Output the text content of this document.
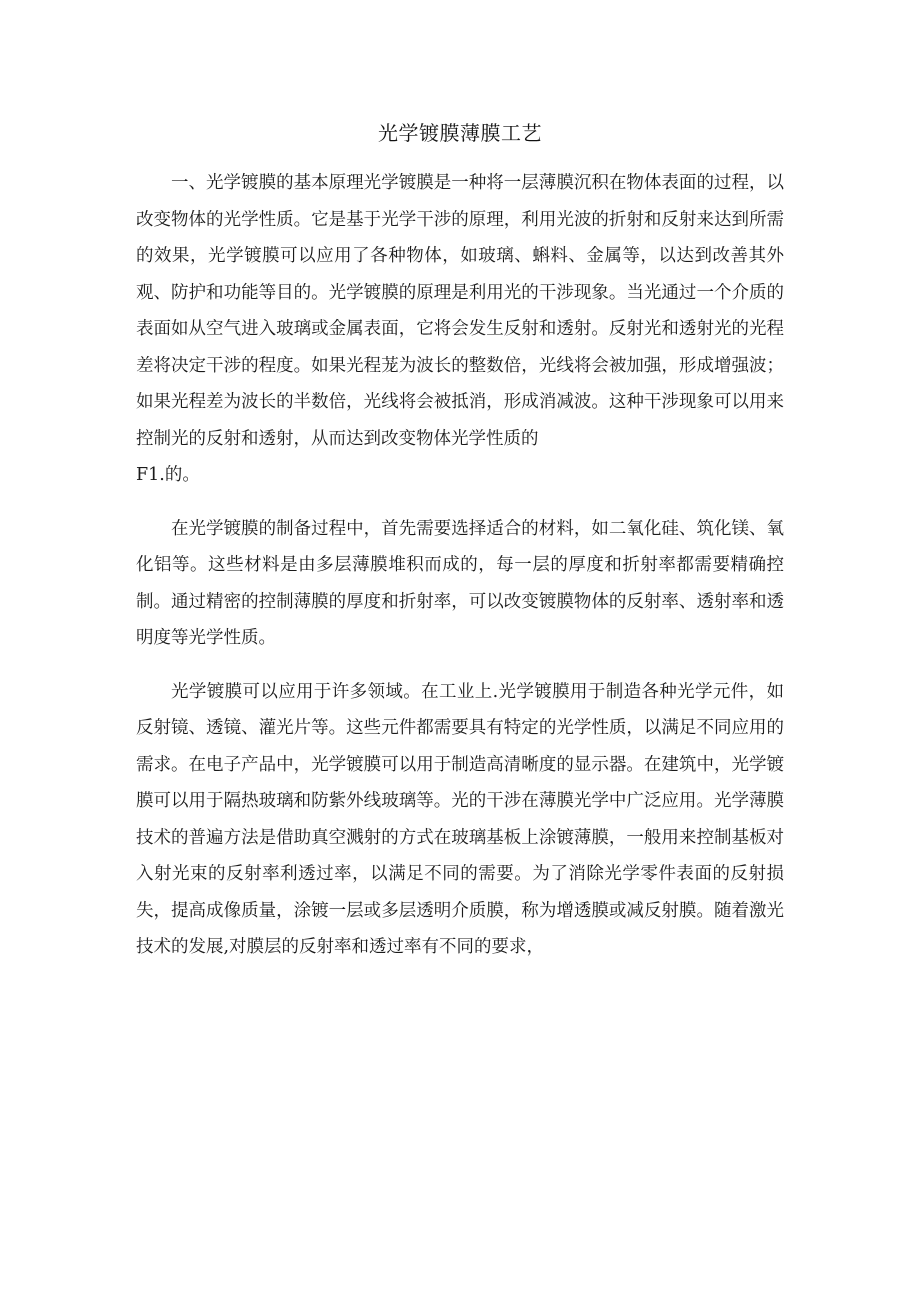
光学镀膜薄膜工艺

一、光学镀膜的基本原理光学镀膜是一种将一层薄膜沉积在物体表面的过程，以改变物体的光学性质。它是基于光学干涉的原理，利用光波的折射和反射来达到所需的效果，光学镀膜可以应用了各种物体，如玻璃、蝌料、金属等，以达到改善其外观、防护和功能等目的。光学镀膜的原理是利用光的干涉现象。当光通过一个介质的表面如从空气进入玻璃或金属表面，它将会发生反射和透射。反射光和透射光的光程差将决定干涉的程度。如果光程茏为波长的整数倍，光线将会被加强，形成增强波；如果光程差为波长的半数倍，光线将会被抵消，形成消减波。这种干涉现象可以用来控制光的反射和透射，从而达到改变物体光学性质的
F1.的。

在光学镀膜的制备过程中，首先需要选择适合的材料，如二氧化硅、筑化镁、氧化铝等。这些材料是由多层薄膜堆积而成的，每一层的厚度和折射率都需要精确控制。通过精密的控制薄膜的厚度和折射率，可以改变镀膜物体的反射率、透射率和透明度等光学性质。

光学镀膜可以应用于许多领域。在工业上.光学镀膜用于制造各种光学元件，如反射镜、透镜、灌光片等。这些元件都需要具有特定的光学性质，以满足不同应用的需求。在电子产品中，光学镀膜可以用于制造高清晰度的显示器。在建筑中，光学镀膜可以用于隔热玻璃和防紫外线玻璃等。光的干涉在薄膜光学中广泛应用。光学薄膜技术的普遍方法是借助真空溅射的方式在玻璃基板上涂镀薄膜，一般用来控制基板对入射光束的反射率利透过率，以满足不同的需要。为了消除光学零件表面的反射损失，提高成像质量，涂镀一层或多层透明介质膜，称为增透膜或减反射膜。随着激光技术的发展,对膜层的反射率和透过率有不同的要求，
